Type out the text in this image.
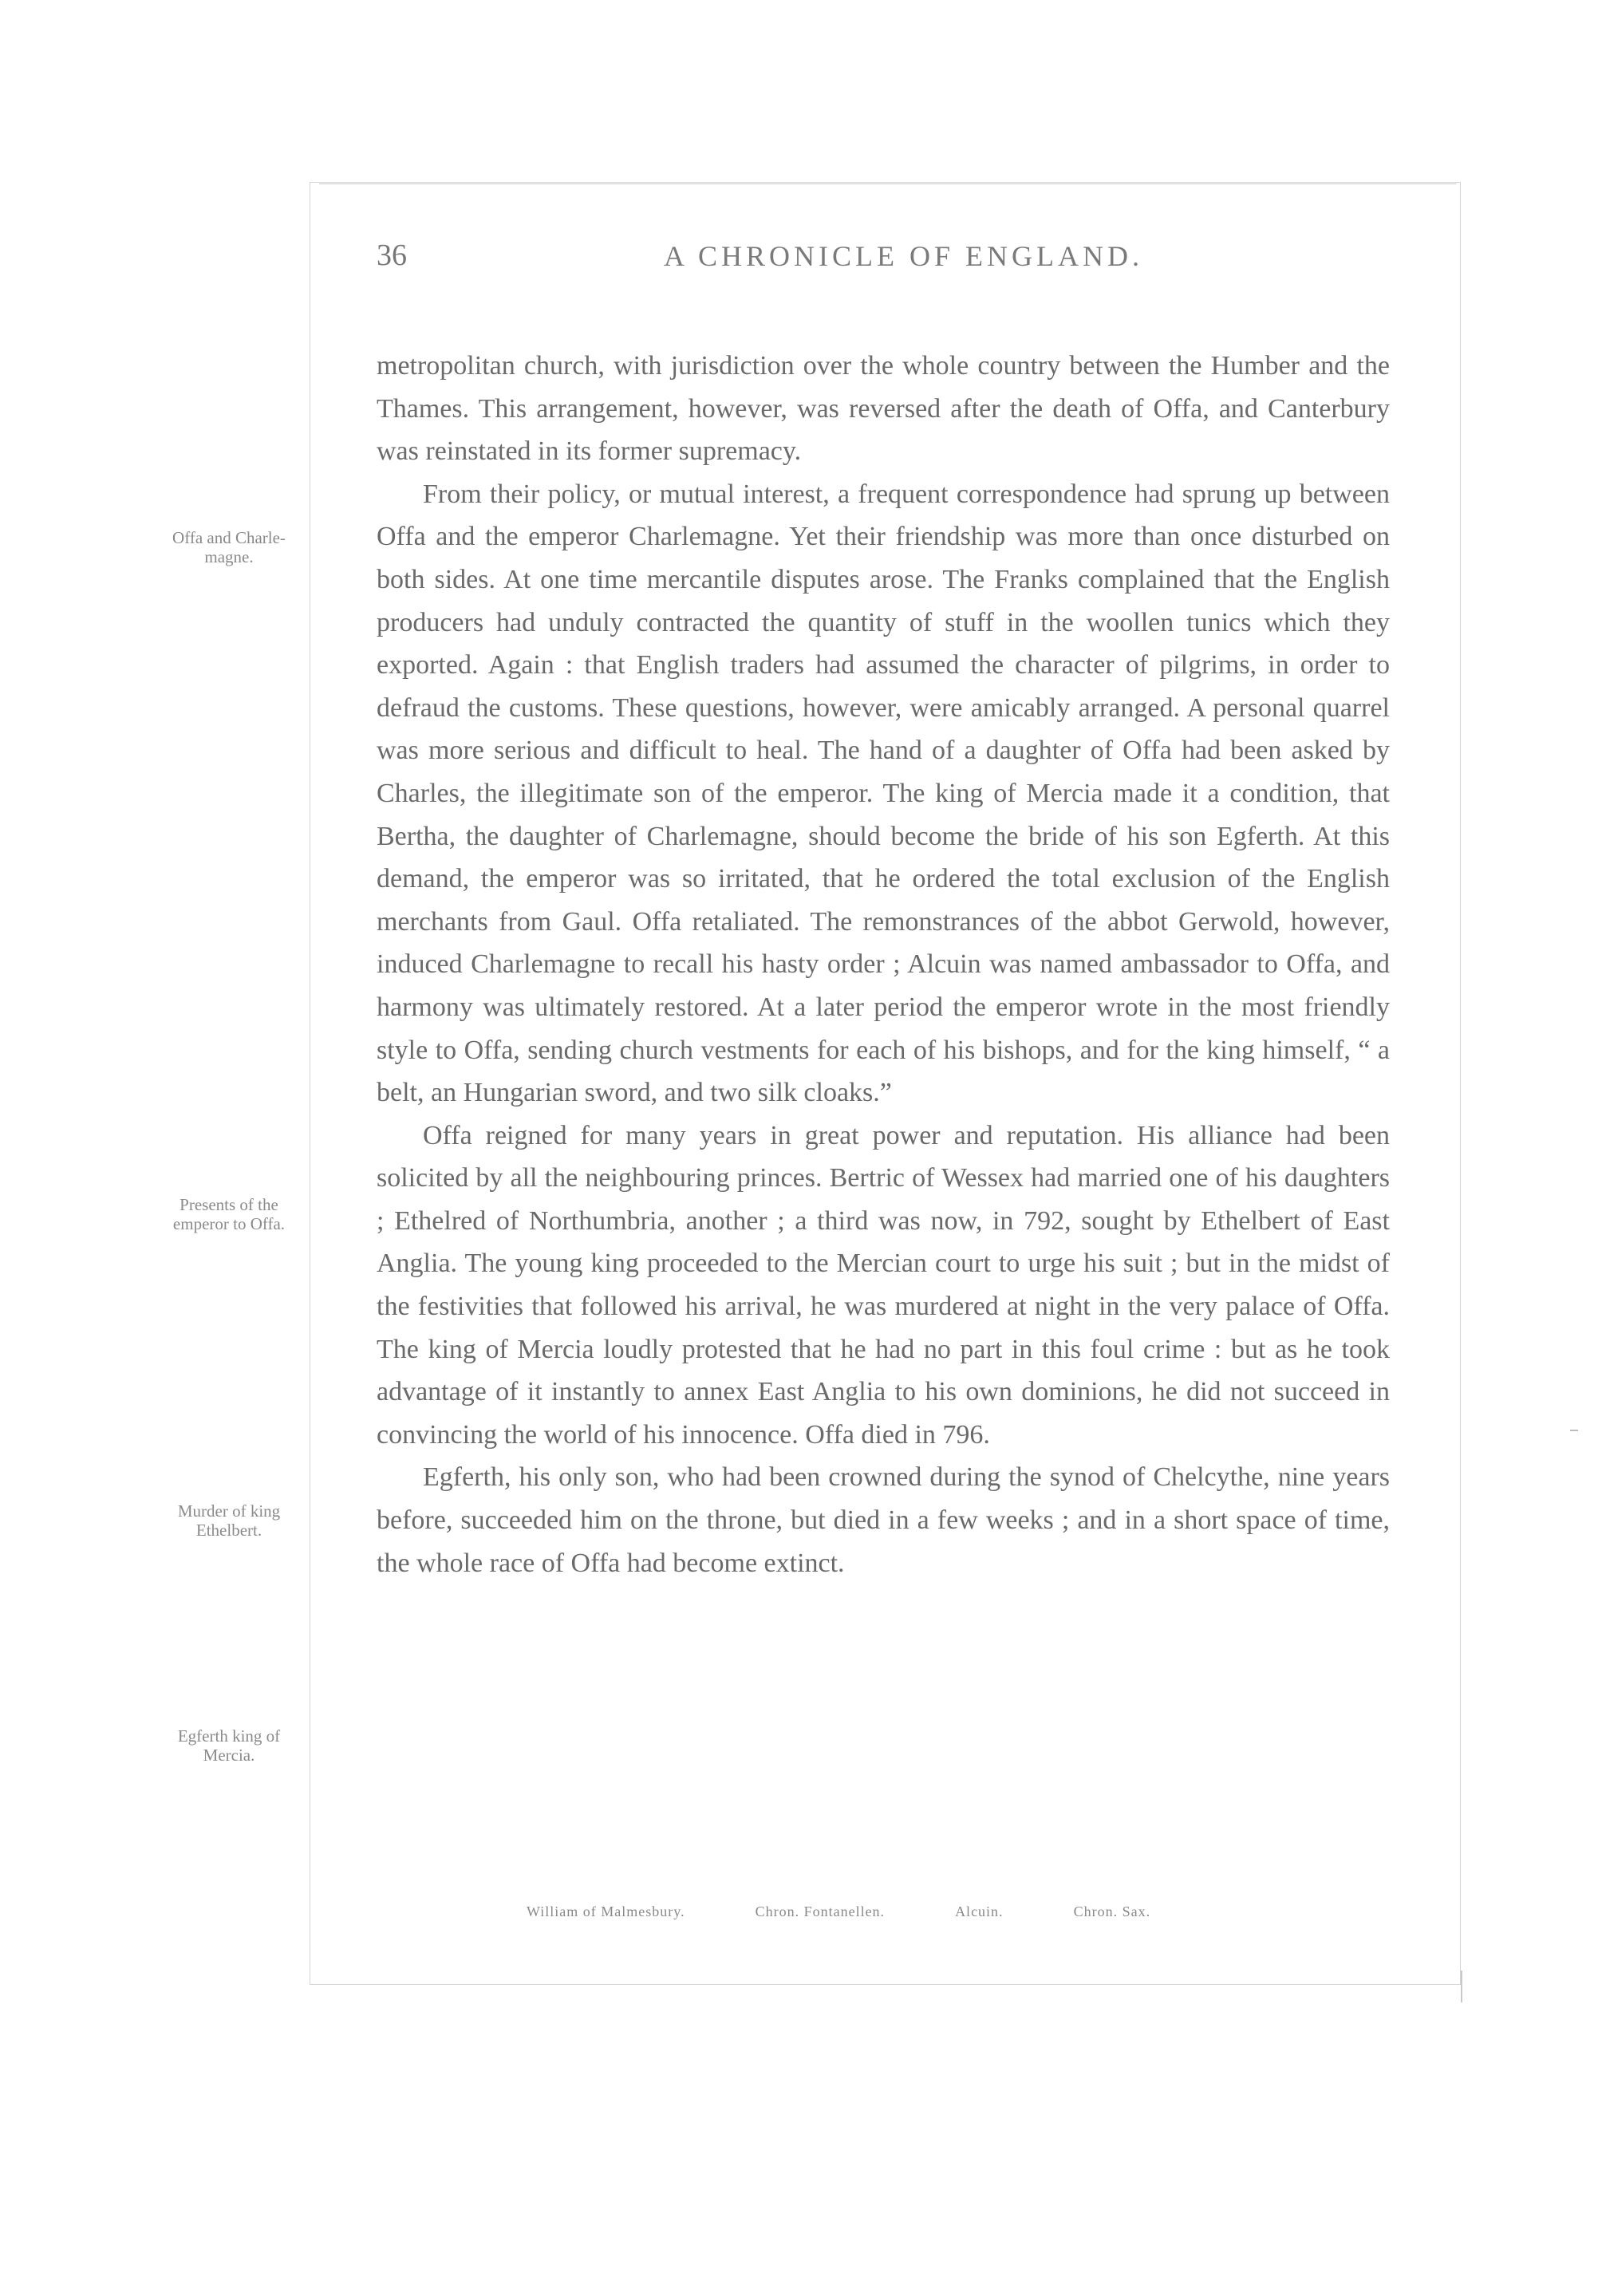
36	A CHRONICLE OF ENGLAND.
Offa and Charle-magne.
Presents of the emperor to Offa.
Murder of king Ethelbert.
Egferth king of Mercia.

metropolitan church, with jurisdiction over the whole country between the Humber and the Thames. This arrangement, however, was reversed after the death of Offa, and Canterbury was reinstated in its former supremacy.

From their policy, or mutual interest, a frequent correspondence had sprung up between Offa and the emperor Charlemagne. Yet their friendship was more than once disturbed on both sides. At one time mercantile disputes arose. The Franks complained that the English producers had unduly contracted the quantity of stuff in the woollen tunics which they exported. Again : that English traders had assumed the character of pilgrims, in order to defraud the customs. These questions, however, were amicably arranged. A personal quarrel was more serious and difficult to heal. The hand of a daughter of Offa had been asked by Charles, the illegitimate son of the emperor. The king of Mercia made it a condition, that Bertha, the daughter of Charlemagne, should become the bride of his son Egferth. At this demand, the emperor was so irritated, that he ordered the total exclusion of the English merchants from Gaul. Offa retaliated. The remonstrances of the abbot Gerwold, however, induced Charlemagne to recall his hasty order ; Alcuin was named ambassador to Offa, and harmony was ultimately restored. At a later period the emperor wrote in the most friendly style to Offa, sending church vestments for each of his bishops, and for the king himself, “ a belt, an Hungarian sword, and two silk cloaks.”

Offa reigned for many years in great power and reputation. His alliance had been solicited by all the neighbouring princes. Bertric of Wessex had married one of his daughters ; Ethelred of Northumbria, another ; a third was now, in 792, sought by Ethelbert of East Anglia. The young king proceeded to the Mercian court to urge his suit ; but in the midst of the festivities that followed his arrival, he was murdered at night in the very palace of Offa. The king of Mercia loudly protested that he had no part in this foul crime : but as he took advantage of it instantly to annex East Anglia to his own dominions, he did not succeed in convincing the world of his innocence. Offa died in 796.

Egferth, his only son, who had been crowned during the synod of Chelcythe, nine years before, succeeded him on the throne, but died in a few weeks ; and in a short space of time, the whole race of Offa had become extinct.

William of Malmesbury.	Chron. Fontanellen.	Alcuin.	Chron. Sax.
